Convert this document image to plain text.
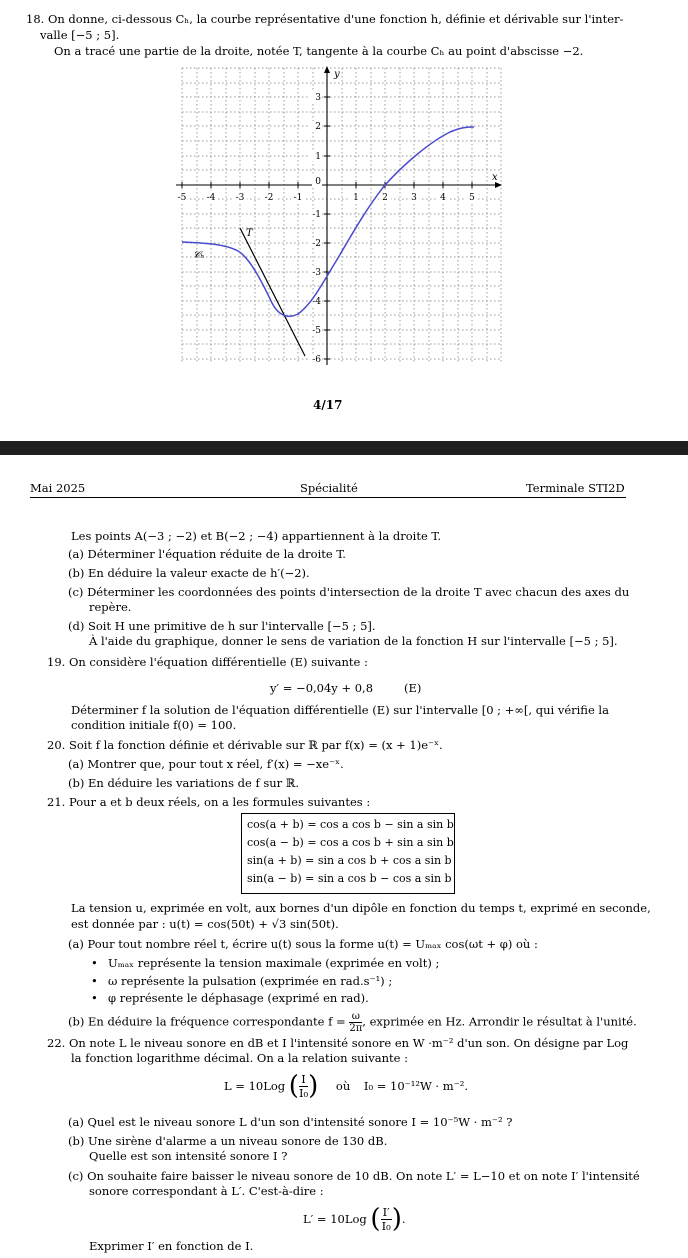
18. On donne, ci-dessous Cₕ, la courbe représentative d'une fonction h, définie et dérivable sur l'inter-
valle [−5 ; 5].
On a tracé une partie de la droite, notée T, tangente à la courbe Cₕ au point d'abscisse −2.
-5 -4 -3 -2 -1	1	2	3	4	5
3
2
1
0
-1
-2
-3
-4
-5
-6
x
y
T
𝒞ₕ
4/17
Mai 2025	Spécialité	Terminale STI2D
Les points A(−3 ; −2) et B(−2 ; −4) appartiennent à la droite T.
(a) Déterminer l'équation réduite de la droite T.
(b) En déduire la valeur exacte de h′(−2).
(c) Déterminer les coordonnées des points d'intersection de la droite T avec chacun des axes du
repère.
(d) Soit H une primitive de h sur l'intervalle [−5 ; 5].
À l'aide du graphique, donner le sens de variation de la fonction H sur l'intervalle [−5 ; 5].
19. On considère l'équation différentielle (E) suivante :
y′ = −0,04y + 0,8	(E)
Déterminer f la solution de l'équation différentielle (E) sur l'intervalle [0 ; +∞[, qui vérifie la
condition initiale f(0) = 100.
20. Soit f la fonction définie et dérivable sur ℝ par f(x) = (x + 1)e⁻ˣ.
(a) Montrer que, pour tout x réel, f′(x) = −xe⁻ˣ.
(b) En déduire les variations de f sur ℝ.
21. Pour a et b deux réels, on a les formules suivantes :
cos(a + b) = cos a cos b − sin a sin b
cos(a − b) = cos a cos b + sin a sin b
sin(a + b) = sin a cos b + cos a sin b
sin(a − b) = sin a cos b − cos a sin b
La tension u, exprimée en volt, aux bornes d'un dipôle en fonction du temps t, exprimé en seconde,
est donnée par : u(t) = cos(50t) + √3 sin(50t).
(a) Pour tout nombre réel t, écrire u(t) sous la forme u(t) = Uₘₐₓ cos(ωt + φ) où :
• Uₘₐₓ représente la tension maximale (exprimée en volt) ;
• ω représente la pulsation (exprimée en rad.s⁻¹) ;
• φ représente le déphasage (exprimé en rad).
(b) En déduire la fréquence correspondante $f = \frac{\omega}{2\pi}$ , exprimée en Hz. Arrondir le résultat à l'unité.
22. On note L le niveau sonore en dB et I l'intensité sonore en W ·m⁻² d'un son. On désigne par Log
la fonction logarithme décimal. On a la relation suivante :
L = 10Log ( $\frac{I}{\text{I₀}}$ ) où I₀ = 10⁻¹²W · m⁻².
(a) Quel est le niveau sonore L d'un son d'intensité sonore I = 10⁻⁵W · m⁻² ?
(b) Une sirène d'alarme a un niveau sonore de 130 dB.
Quelle est son intensité sonore I ?
(c) On souhaite faire baisser le niveau sonore de 10 dB. On note L′ = L−10 et on note I′ l'intensité
sonore correspondant à L′. C'est-à-dire :
L′ = 10Log ( $\frac{I'}{\text{I₀}}$ ).
Exprimer I′ en fonction de I.
